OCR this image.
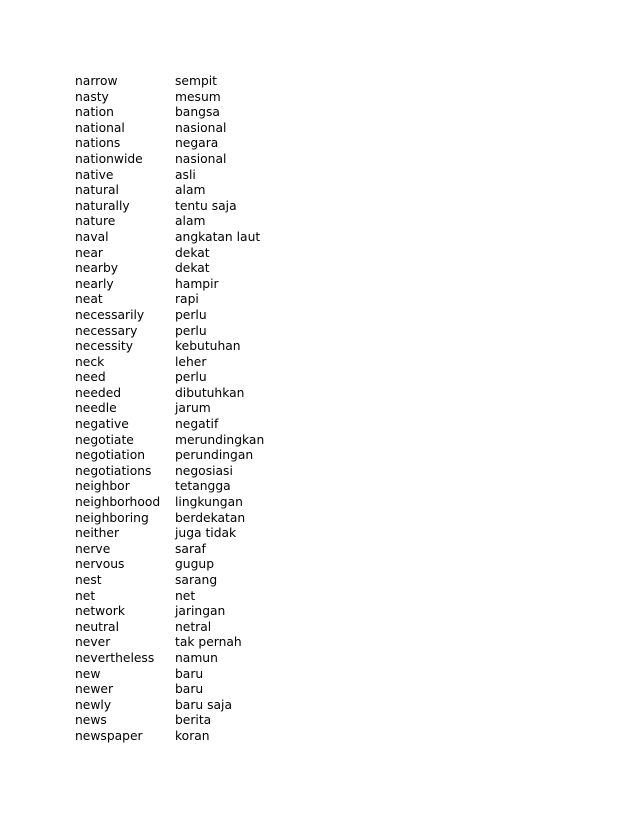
narrow	sempit
nasty	mesum
nation	bangsa
national	nasional
nations	negara
nationwide	nasional
native	asli
natural	alam
naturally	tentu saja
nature	alam
naval	angkatan laut
near	dekat
nearby	dekat
nearly	hampir
neat	rapi
necessarily	perlu
necessary	perlu
necessity	kebutuhan
neck	leher
need	perlu
needed	dibutuhkan
needle	jarum
negative	negatif
negotiate	merundingkan
negotiation	perundingan
negotiations	negosiasi
neighbor	tetangga
neighborhood	lingkungan
neighboring	berdekatan
neither	juga tidak
nerve	saraf
nervous	gugup
nest	sarang
net	net
network	jaringan
neutral	netral
never	tak pernah
nevertheless	namun
new	baru
newer	baru
newly	baru saja
news	berita
newspaper	koran
